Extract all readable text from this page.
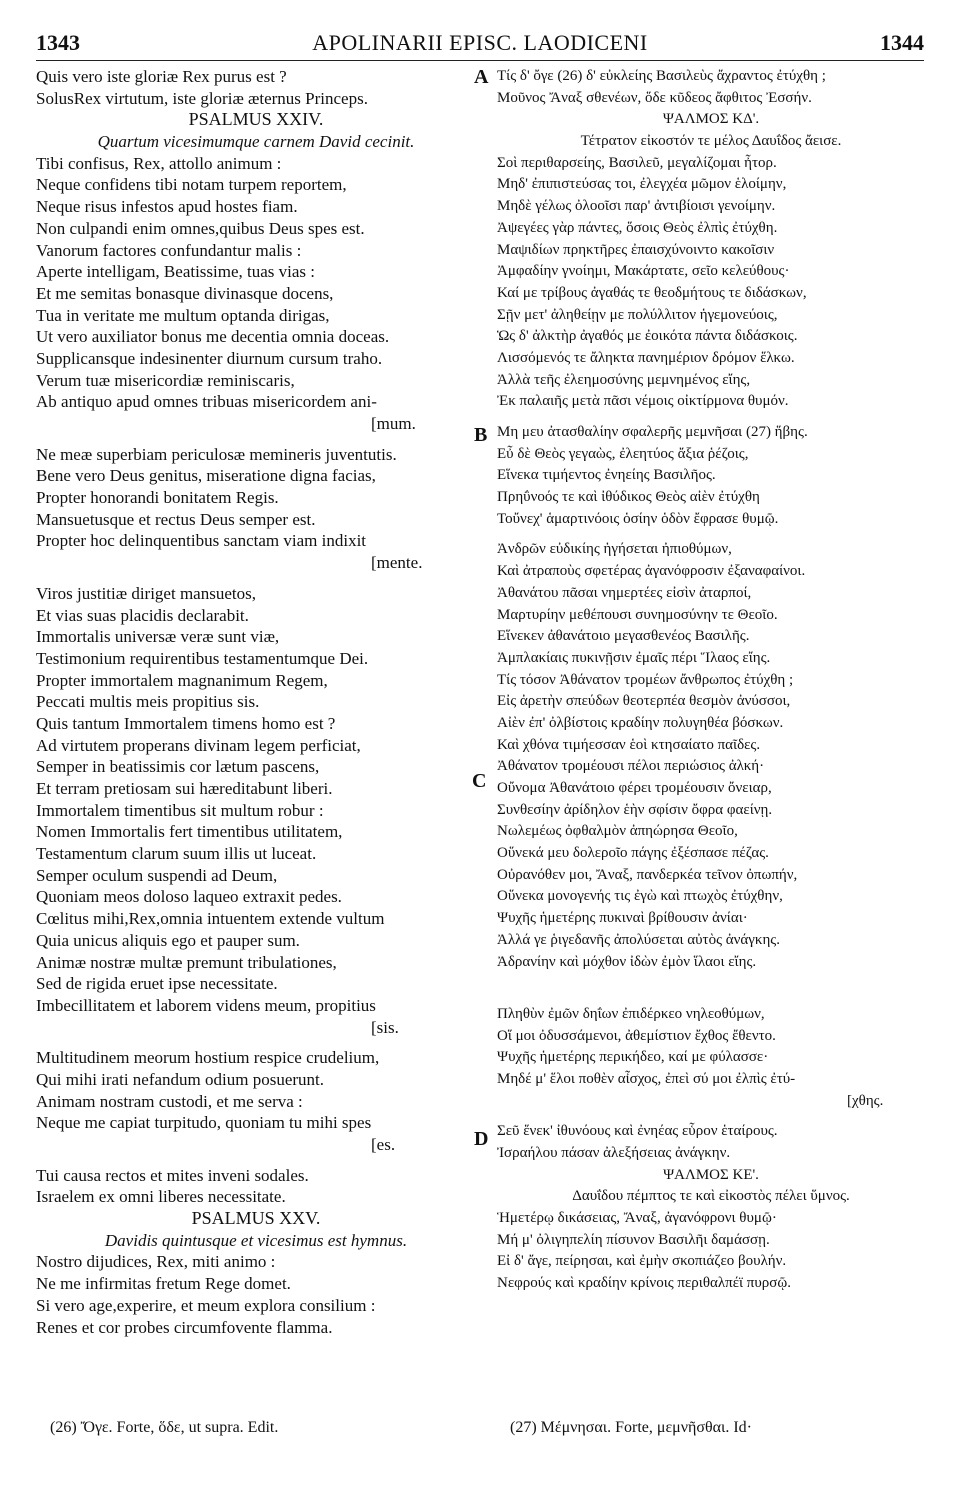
1343	APOLINARII EPISC. LAODICENI	1344
Quis vero iste gloriæ Rex purus est ?
SolusRex virtutum, iste gloriæ æternus Princeps.
PSALMUS XXIV.
Quartum vicesimumque carnem David cecinit.
Tibi confisus, Rex, attollo animum :
Neque confidens tibi notam turpem reportem,
Neque risus infestos apud hostes fiam.
Non culpandi enim omnes,quibus Deus spes est.
Vanorum factores confundantur malis :
Aperte intelligam, Beatissime, tuas vias :
Et me semitas bonasque divinasque docens,
Tua in veritate me multum optanda dirigas,
Ut vero auxiliator bonus me decentia omnia doceas.
Supplicansque indesinenter diurnum cursum traho.
Verum tuæ misericordiæ reminiscaris,
Ab antiquo apud omnes tribuas misericordem ani-
[mum.
Ne meæ superbiam periculosæ memineris juventutis.
Bene vero Deus genitus, miseratione digna facias,
Propter honorandi bonitatem Regis.
Mansuetusque et rectus Deus semper est.
Propter hoc delinquentibus sanctam viam indixit
[mente.
Viros justitiæ diriget mansuetos,
Et vias suas placidis declarabit.
Immortalis universæ veræ sunt viæ,
Testimonium requirentibus testamentumque Dei.
Propter immortalem magnanimum Regem,
Peccati multis meis propitius sis.
Quis tantum Immortalem timens homo est ?
Ad virtutem properans divinam legem perficiat,
Semper in beatissimis cor lætum pascens,
Et terram pretiosam sui hæreditabunt liberi.
Immortalem timentibus sit multum robur :
Nomen Immortalis fert timentibus utilitatem,
Testamentum clarum suum illis ut luceat.
Semper oculum suspendi ad Deum,
Quoniam meos doloso laqueo extraxit pedes.
Cœlitus mihi,Rex,omnia intuentem extende vultum
Quia unicus aliquis ego et pauper sum.
Animæ nostræ multæ premunt tribulationes,
Sed de rigida eruet ipse necessitate.
Imbecillitatem et laborem videns meum, propitius
[sis.
Multitudinem meorum hostium respice crudelium,
Qui mihi irati nefandum odium posuerunt.
Animam nostram custodi, et me serva :
Neque me capiat turpitudo, quoniam tu mihi spes
[es.
Tui causa rectos et mites inveni sodales.
Israelem ex omni liberes necessitate.
PSALMUS XXV.
Davidis quintusque et vicesimus est hymnus.
Nostro dijudices, Rex, miti animo :
Ne me infirmitas fretum Rege domet.
Si vero age,experire, et meum explora consilium :
Renes et cor probes circumfovente flamma.
Τίς δ' ὄγε (26) δ' εὐκλείης Βασιλεὺς ἄχραντος ἐτύχθη ;
Μοῦνος Ἄναξ σθενέων, ὅδε κῦδεος ἄφθιτος Ἐσσήν.
ΨΑΛΜΟΣ ΚΔ'.
Τέτρατον εἰκοστόν τε μέλος Δαυΐδος ἄεισε.
Σοὶ περιθαρσείης, Βασιλεῦ, μεγαλίζομαι ἦτορ.
Μηδ' ἐπιπιστεύσας τοι, ἐλεγχέα μῶμον ἑλοίμην,
Μηδὲ γέλως ὀλοοῖσι παρ' ἀντιβίοισι γενοίμην.
Ἀψεγέες γὰρ πάντες, ὅσοις Θεὸς ἐλπὶς ἐτύχθη.
Μαψιδίων πρηκτῆρες ἐπαισχύνοιντο κακοῖσιν
Ἀμφαδίην γνοίημι, Μακάρτατε, σεῖο κελεύθους·
Καί με τρίβους ἀγαθάς τε θεοδμήτους τε διδάσκων,
Σῇν μετ' ἀληθείῃν με πολύλλιτον ἡγεμονεύοις,
Ὡς δ' ἀλκτὴρ ἀγαθός με ἐοικότα πάντα διδάσκοις.
Λισσόμενός τε ἄληκτα πανημέριον δρόμον ἕλκω.
Ἀλλὰ τεῆς ἐλεημοσύνης μεμνημένος εἴης,
Ἐκ παλαιῆς μετὰ πᾶσι νέμοις οἰκτίρμονα θυμόν.
Μη μευ ἀτασθαλίην σφαλερῆς μεμνῆσαι (27) ἥβης.
Εὖ δὲ Θεὸς γεγαὼς, ἐλεητύος ἄξια ῥέζοις,
Εἵνεκα τιμήεντος ἐνηείης Βασιλῆος.
Πρηΰνοός τε καὶ ἰθύδικος Θεὸς αἰὲν ἐτύχθη
Τοὔνεχ' ἁμαρτινόοις ὁσίην ὁδὸν ἔφρασε θυμῷ.
Ἀνδρῶν εὐδικίης ἡγήσεται ἠπιοθύμων,
Καὶ ἀτραποὺς σφετέρας ἀγανόφροσιν ἐξαναφαίνοι.
Ἀθανάτου πᾶσαι νημερτέες εἰσὶν ἀταρποί,
Μαρτυρίην μεθέπουσι συνημοσύνην τε Θεοῖο.
Εἵνεκεν ἀθανάτοιο μεγασθενέος Βασιλῆς.
Ἀμπλακίαις πυκινῇσιν ἐμαῖς πέρι Ἵλαος εἴης.
Τίς τόσον Ἀθάνατον τρομέων ἄνθρωπος ἐτύχθη ;
Εἰς ἀρετὴν σπεύδων θεοτερπέα θεσμὸν ἀνύσσοι,
Αἰὲν ἐπ' ὀλβίστοις κραδίην πολυγηθέα βόσκων.
Καὶ χθόνα τιμήεσσαν ἑοὶ κτησαίατο παῖδες.
Ἀθάνατον τρομέουσι πέλοι περιώσιος ἀλκή·
Οὔνομα Ἀθανάτοιο φέρει τρομέουσιν ὄνειαρ,
Συνθεσίην ἀρίδηλον ἑὴν σφίσιν ὄφρα φαείνῃ.
Νωλεμέως ὀφθαλμὸν ἀπηώρησα Θεοῖο,
Οὕνεκά μευ δολεροῖο πάγης ἐξέσπασε πέζας.
Οὐρανόθεν μοι, Ἄναξ, πανδερκέα τεῖνον ὀπωπήν,
Οὕνεκα μονογενής τις ἐγὼ καὶ πτωχὸς ἐτύχθην,
Ψυχῆς ἡμετέρης πυκιναὶ βρίθουσιν ἀνίαι·
Ἀλλά γε ῥιγεδανῆς ἀπολύσεται αὐτὸς ἀνάγκης.
Ἀδρανίην καὶ μόχθον ἰδὼν ἐμὸν ἵλαοι εἴης.
Πληθὺν ἐμῶν δηΐων ἐπιδέρκεο νηλεοθύμων,
Οἵ μοι ὀδυσσάμενοι, ἀθεμίστιον ἔχθος ἔθεντο.
Ψυχῆς ἡμετέρης περικήδεο, καί με φύλασσε·
Μηδέ μ' ἕλοι ποθὲν αἶσχος, ἐπεὶ σύ μοι ἐλπὶς ἐτύ-
[χθης.
Σεῦ ἕνεκ' ἰθυνόους καὶ ἐνηέας εὗρον ἑταίρους.
Ἰσραήλου πάσαν ἀλεξήσειας ἀνάγκην.
ΨΑΛΜΟΣ ΚΕ'.
Δαυΐδου πέμπτος τε καὶ εἰκοστὸς πέλει ὕμνος.
Ἡμετέρῳ δικάσειας, Ἄναξ, ἀγανόφρονι θυμῷ·
Μή μ' ὀλιγηπελίη πίσυνον Βασιλῆι δαμάσσῃ.
Εἰ δ' ἄγε, πείρησαι, καὶ ἐμὴν σκοπιάζεο βουλήν.
Νεφρούς καὶ κραδίην κρίνοις περιθαλπέϊ πυρσῷ.
A
B
C
D
(26) Ὄγε. Forte, ὅδε, ut supra. Edit.	(27) Μέμνησαι. Forte, μεμνῆσθαι. Id·
